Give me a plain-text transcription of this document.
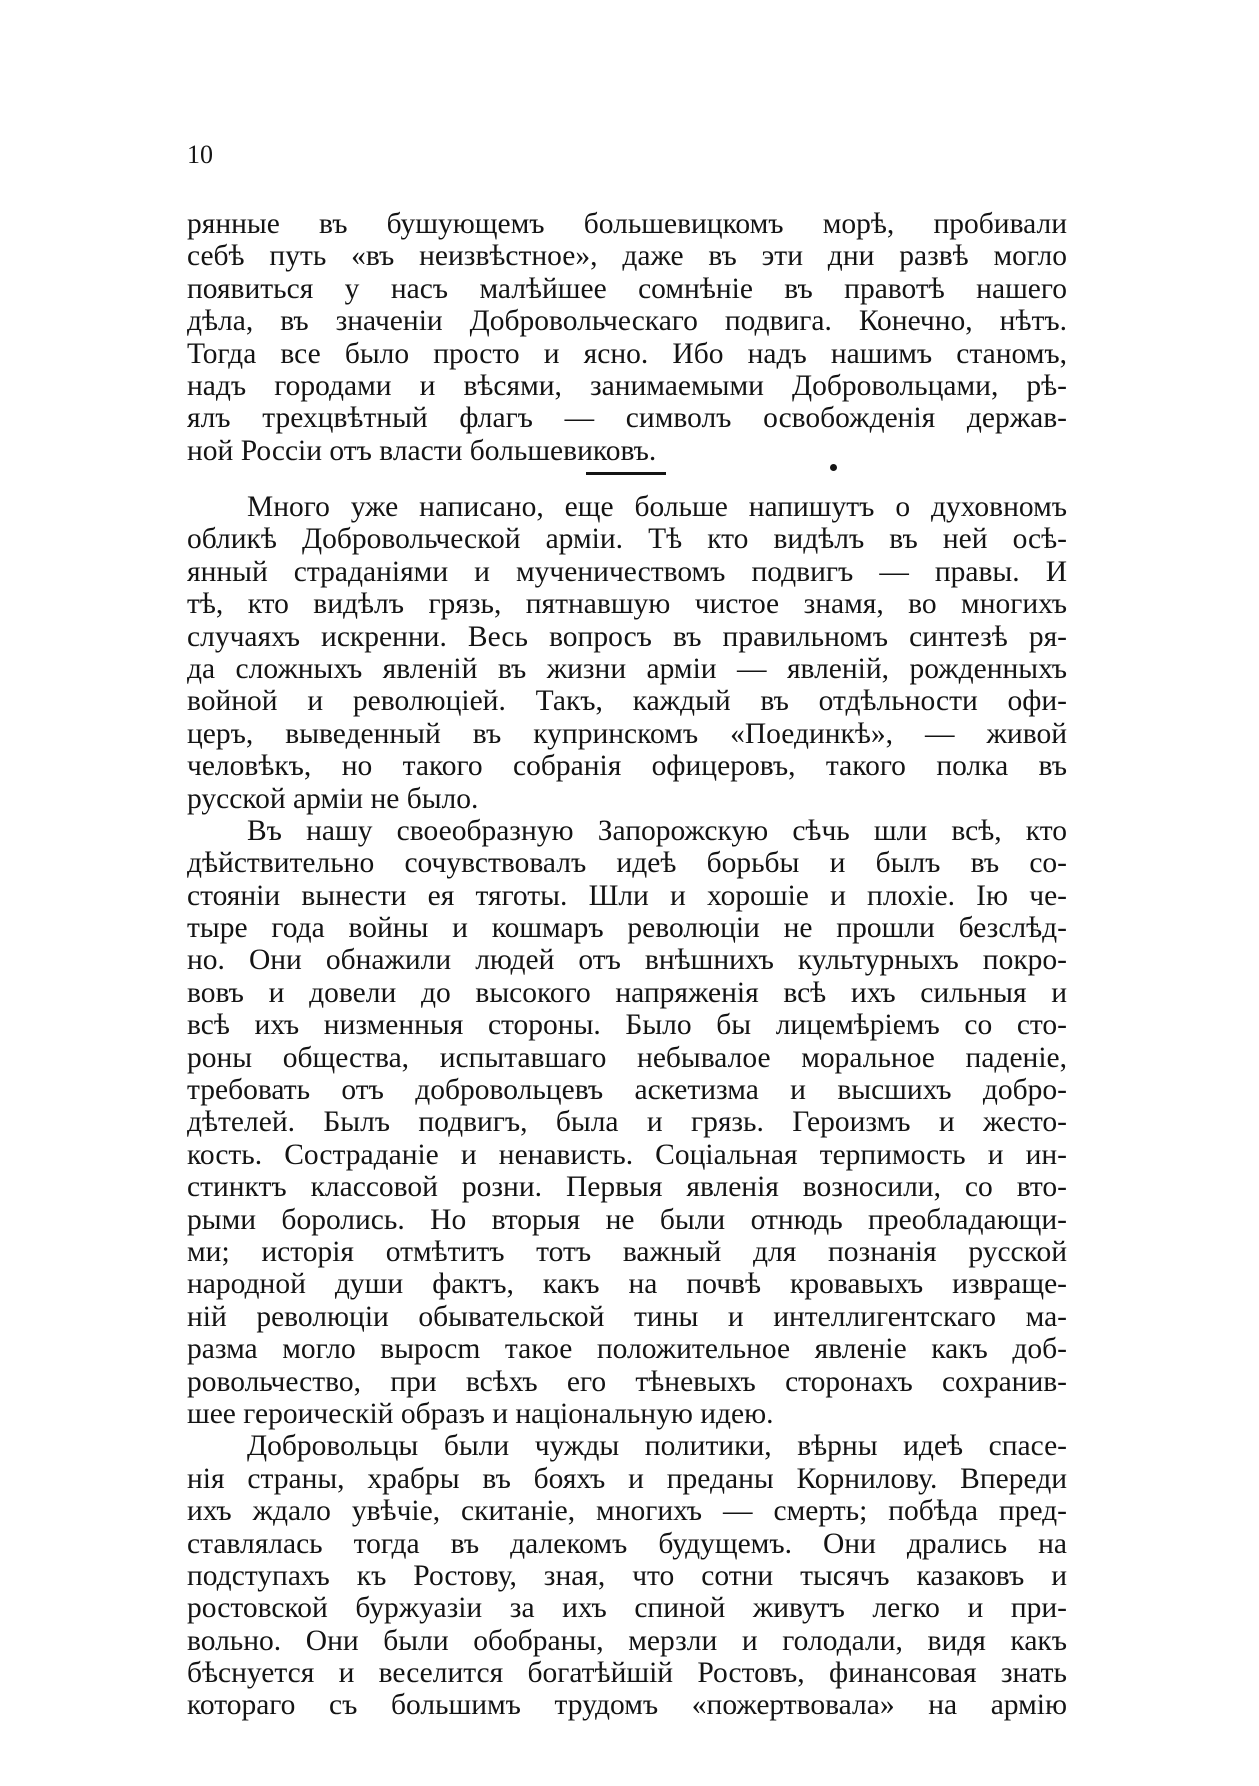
10
рянные въ бушующемъ большевицкомъ морѣ, пробивали
себѣ путь «въ неизвѣстное», даже въ эти дни развѣ могло
появиться у насъ малѣйшее сомнѣніе въ правотѣ нашего
дѣла, въ значеніи Добровольческаго подвига. Конечно, нѣтъ.
Тогда все было просто и ясно. Ибо надъ нашимъ станомъ,
надъ городами и вѣсями, занимаемыми Добровольцами, рѣ-
ялъ трехцвѣтный флагъ — символъ освобожденія держав-
ной Россіи отъ власти большевиковъ.
Много уже написано, еще больше напишутъ о духовномъ
обликѣ Добровольческой арміи. Тѣ кто видѣлъ въ ней осѣ-
янный страданіями и мученичествомъ подвигъ — правы. И
тѣ, кто видѣлъ грязь, пятнавшую чистое знамя, во многихъ
случаяхъ искренни. Весь вопросъ въ правильномъ синтезѣ ря-
да сложныхъ явленій въ жизни арміи — явленій, рожденныхъ
войной и революціей. Такъ, каждый въ отдѣльности офи-
церъ, выведенный въ купринскомъ «Поединкѣ», — живой
человѣкъ, но такого собранія офицеровъ, такого полка въ
русской арміи не было.
Въ нашу своеобразную Запорожскую сѣчь шли всѣ, кто
дѣйствительно сочувствовалъ идеѣ борьбы и былъ въ со-
стояніи вынести ея тяготы. Шли и хорошіе и плохіе. Ію че-
тыре года войны и кошмаръ революціи не прошли безслѣд-
но. Они обнажили людей отъ внѣшнихъ культурныхъ покро-
вовъ и довели до высокого напряженія всѣ ихъ сильныя и
всѣ ихъ низменныя стороны. Было бы лицемѣріемъ со сто-
роны общества, испытавшаго небывалое моральное паденіе,
требовать отъ добровольцевъ аскетизма и высшихъ добро-
дѣтелей. Былъ подвигъ, была и грязь. Героизмъ и жесто-
кость. Состраданіе и ненависть. Соціальная терпимость и ин-
стинктъ классовой розни. Первыя явленія возносили, со вто-
рыми боролись. Но вторыя не были отнюдь преобладающи-
ми; исторія отмѣтитъ тотъ важный для познанія русской
народной души фактъ, какъ на почвѣ кровавыхъ извраще-
ній революціи обывательской тины и интеллигентскаго ма-
разма могло выросm такое положительное явленіе какъ доб-
ровольчество, при всѣхъ его тѣневыхъ сторонахъ сохранив-
шее героическій образъ и національную идею.
Добровольцы были чужды политики, вѣрны идеѣ спасе-
нія страны, храбры въ бояхъ и преданы Корнилову. Впереди
ихъ ждало увѣчіе, скитаніе, многихъ — смерть; побѣда пред-
ставлялась тогда въ далекомъ будущемъ. Они дрались на
подступахъ къ Ростову, зная, что сотни тысячъ казаковъ и
ростовской буржуазіи за ихъ спиной живутъ легко и при-
вольно. Они были обобраны, мерзли и голодали, видя какъ
бѣснуется и веселится богатѣйшій Ростовъ, финансовая знать
котораго съ большимъ трудомъ «пожертвовала» на армію
